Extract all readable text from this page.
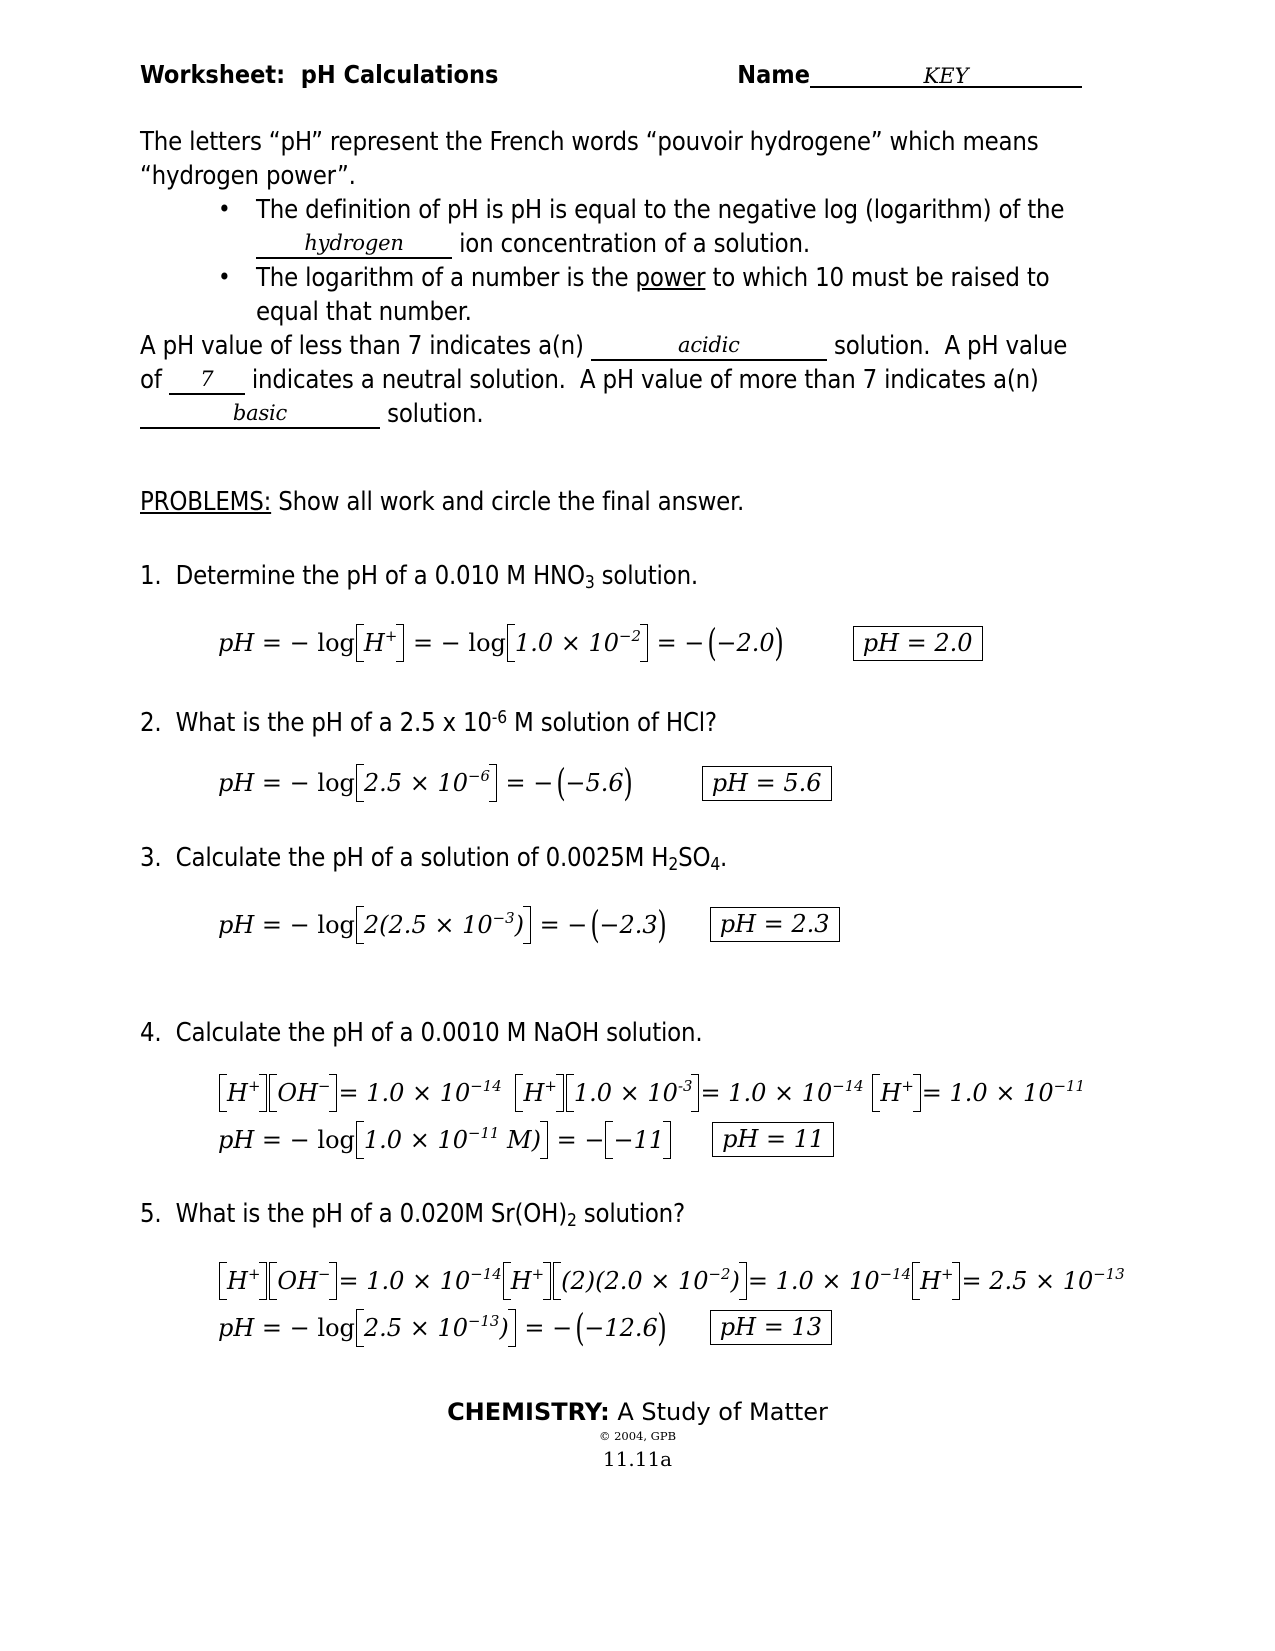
Worksheet:  pH Calculations	Name	KEY
The letters “pH” represent the French words “pouvoir hydrogene” which means
“hydrogen power”.
• The definition of pH is pH is equal to the negative log (logarithm) of the
hydrogen ion concentration of a solution.
• The logarithm of a number is the power to which 10 must be raised to
equal that number.
A pH value of less than 7 indicates a(n)	acidic	solution.  A pH value
of 7 indicates a neutral solution.  A pH value of more than 7 indicates a(n)
basic	solution.
PROBLEMS: Show all work and circle the final answer.
1.  Determine the pH of a 0.010 M $HNO_3$ solution.
pH = − log H + = − log 1.0 × 10 −2 = − ( −2.0
)	pH = 2.0
2.  What is the pH of a 2.5 x $10^{-6}$ M solution of HCl?
pH = − log 2.5 × 10 −6 = − ( −5.6
)	pH = 5.6
3.  Calculate the pH of a solution of 0.0025M $H_2SO_4$.
pH = − log 2(2.5 × 10 −3 ) = − ( −2.3
)	pH = 2.3
4.  Calculate the pH of a 0.0010 M NaOH solution.
H + OH − = 1.0 × 10 −14 H + 1.0 × 10 -3 = 1.0 × 10 −14 H + = 1.0 × 10 −11
pH = − log 1.0 × 10 −11 M) = − −11	pH = 11
5.  What is the pH of a 0.020M $Sr(OH)_2$ solution?
H + OH − = 1.0 × 10 −14 H + (2)(2.0 × 10 −2 ) = 1.0 × 10 −14 H + = 2.5 × 10 −13
pH = − log 2.5 × 10 −13 ) = − ( −12.6
)	pH = 13
CHEMISTRY: A Study of Matter
© 2004, GPB
11.11a
